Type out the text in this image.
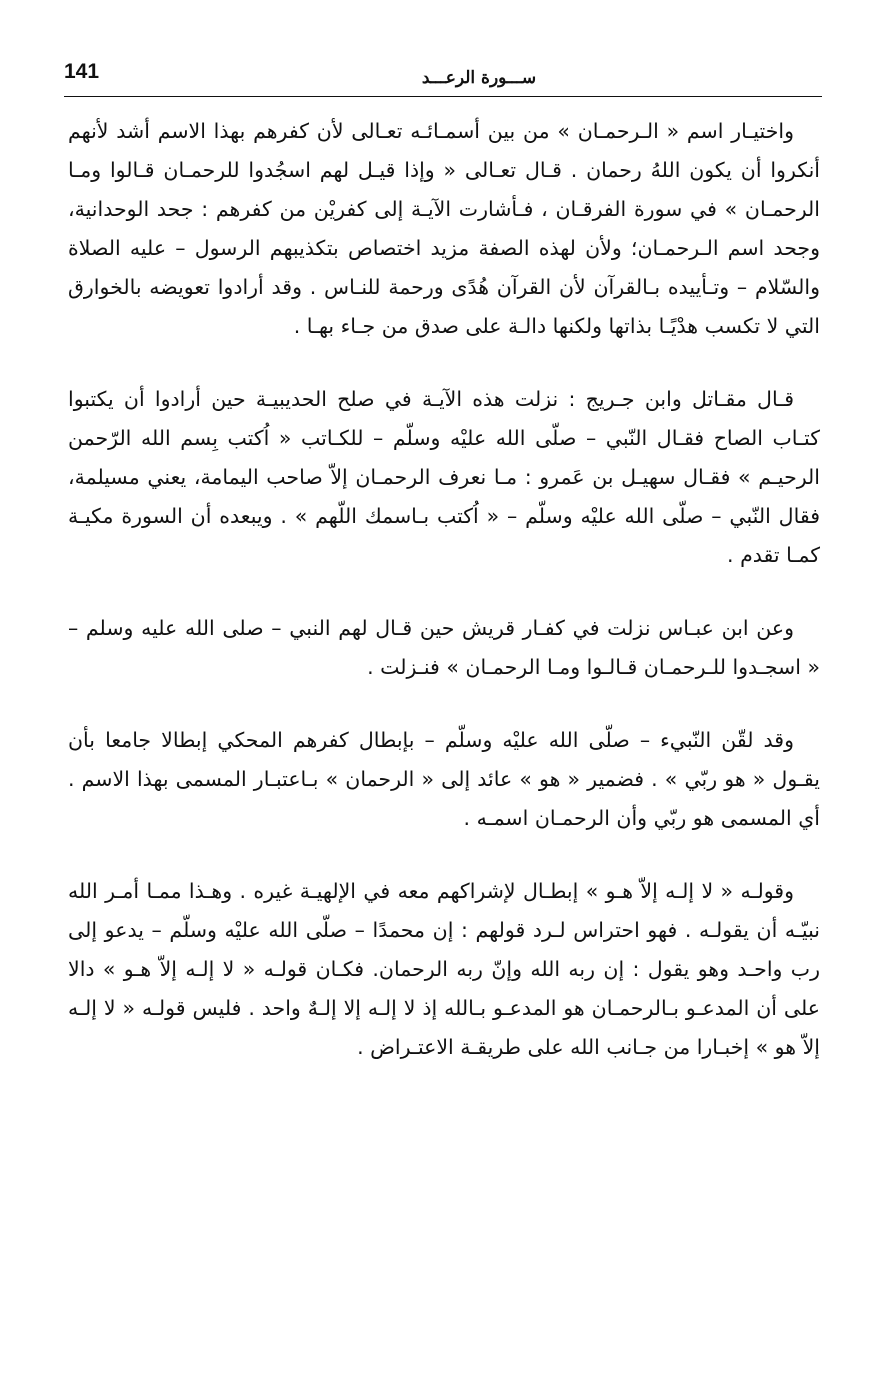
141	ســـورة الرعـــد

واختيـار اسم « الـرحمـان » من بين أسمـائـه تعـالى لأن كفرهم بهذا الاسم أشد لأنهم أنكروا أن يكون اللهُ رحمان . قـال تعـالى « وإذا قيـل لهم اسجُدوا للرحمـان قـالوا ومـا الرحمـان » في سورة الفرقـان ، فـأشارت الآيـة إلى كفريْن من كفرهم : جحد الوحدانية، وجحد اسم الـرحمـان؛ ولأن لهذه الصفة مزيد اختصاص بتكذيبهم الرسول – عليه الصلاة والسّلام – وتـأييده بـالقرآن لأن القرآن هُدًى ورحمة للنـاس . وقد أرادوا تعويضه بالخوارق التي لا تكسب هدْيًـا بذاتها ولكنها دالـة على صدق من جـاء بهـا .

قـال مقـاتل وابن جـريج : نزلت هذه الآيـة في صلح الحديبيـة حين أرادوا أن يكتبوا كتـاب الصاح فقـال النّبي – صلّى الله عليْه وسلّم – للكـاتب « اُكتب بِسم الله الرّحمن الرحيـم » فقـال سهيـل بن عَمرو : مـا نعرف الرحمـان إلاّ صاحب اليمامة، يعني مسيلمة، فقال النّبي – صلّى الله عليْه وسلّم – « اُكتب بـاسمك اللّهم » . ويبعده أن السورة مكيـة كمـا تقدم .

وعن ابن عبـاس نزلت في كفـار قريش حين قـال لهم النبي – صلى الله عليه وسلم – « اسجـدوا للـرحمـان قـالـوا ومـا الرحمـان » فنـزلت .

وقد لقّن النّبيء – صلّى الله عليْه وسلّم – بإبطال كفرهم المحكي إبطالا جامعا بأن يقـول « هو ربّي » . فضمير « هو » عائد إلى « الرحمان » بـاعتبـار المسمى بهذا الاسم . أي المسمى هو ربّي وأن الرحمـان اسمـه .

وقولـه « لا إلـه إلاّ هـو » إبطـال لإشراكهم معه في الإلهيـة غيره . وهـذا ممـا أمـر الله نبيّـه أن يقولـه . فهو احتراس لـرد قولهم : إن محمدًا – صلّى الله عليْه وسلّم – يدعو إلى رب واحـد وهو يقول : إن ربه الله وإنّ ربه الرحمان. فكـان قولـه « لا إلـه إلاّ هـو » دالا على أن المدعـو بـالرحمـان هو المدعـو بـالله إذ لا إلـه إلا إلـهٌ واحد . فليس قولـه « لا إلـه إلاّ هو » إخبـارا من جـانب الله على طريقـة الاعتـراض .
